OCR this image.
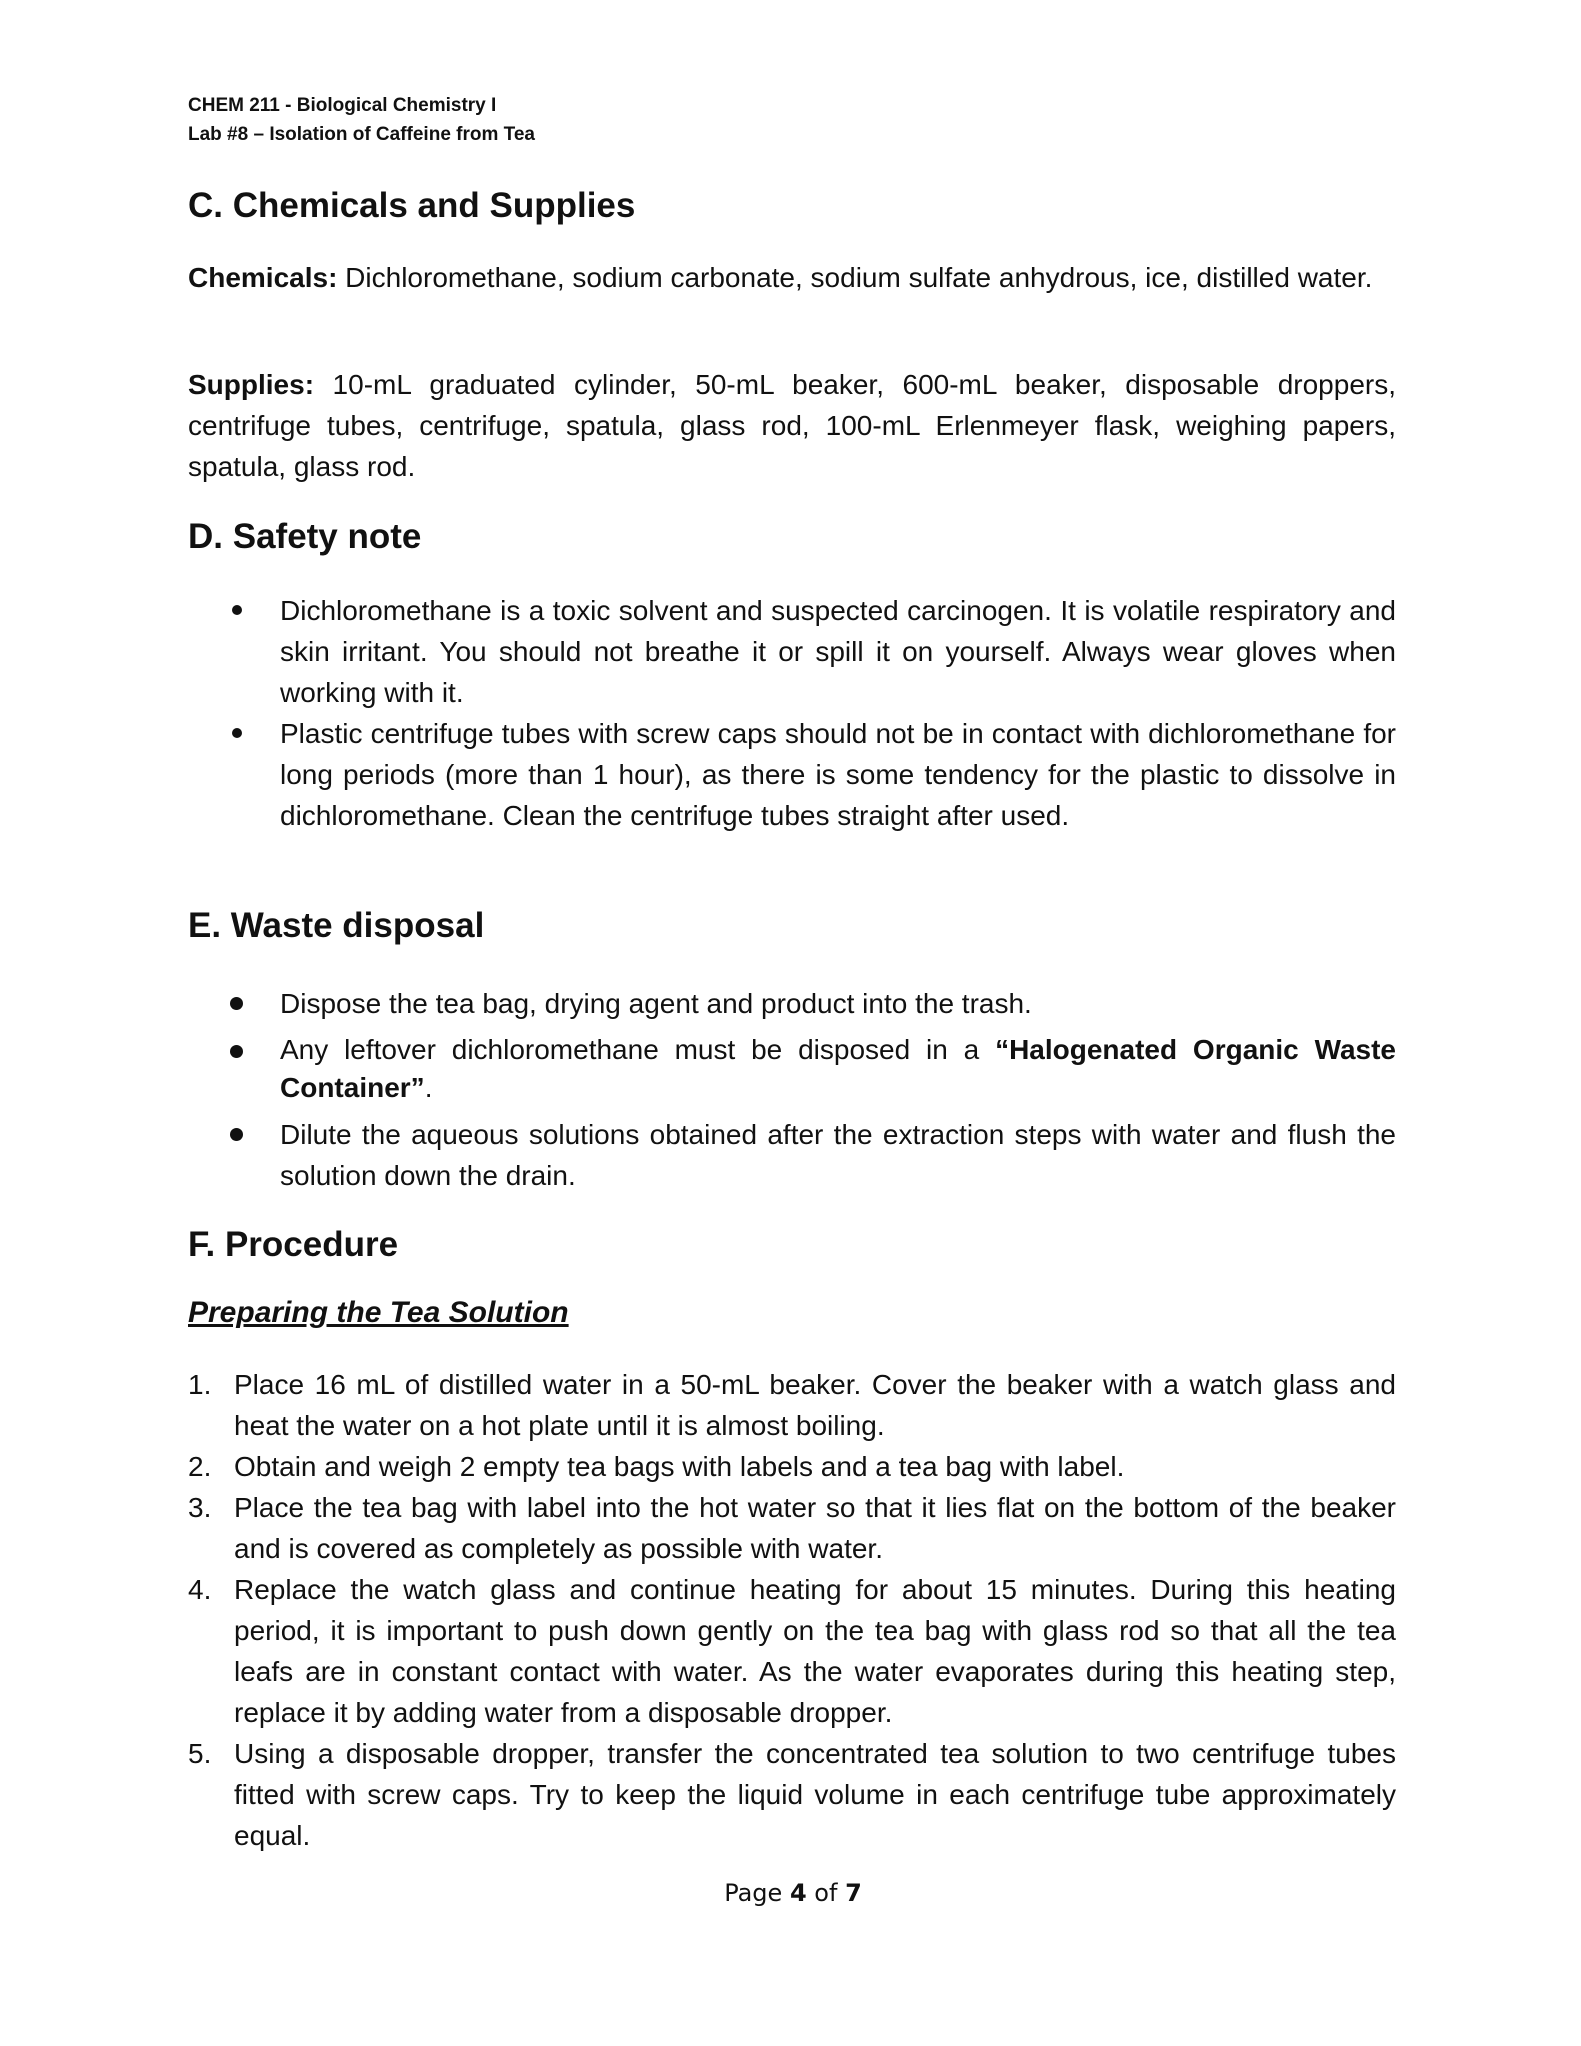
CHEM 211 - Biological Chemistry I
Lab #8 – Isolation of Caffeine from Tea
C. Chemicals and Supplies

Chemicals: Dichloromethane, sodium carbonate, sodium sulfate anhydrous, ice, distilled water.

Supplies: 10-mL graduated cylinder, 50-mL beaker, 600-mL beaker, disposable droppers, centrifuge tubes, centrifuge, spatula, glass rod, 100-mL Erlenmeyer flask, weighing papers, spatula, glass rod.

D. Safety note
Dichloromethane is a toxic solvent and suspected carcinogen. It is volatile respiratory and skin irritant. You should not breathe it or spill it on yourself. Always wear gloves when working with it.
Plastic centrifuge tubes with screw caps should not be in contact with dichloromethane for long periods (more than 1 hour), as there is some tendency for the plastic to dissolve in dichloromethane. Clean the centrifuge tubes straight after used.
E. Waste disposal
Dispose the tea bag, drying agent and product into the trash.
Any leftover dichloromethane must be disposed in a “Halogenated Organic Waste Container”.
Dilute the aqueous solutions obtained after the extraction steps with water and flush the solution down the drain.
F. Procedure
Preparing the Tea Solution
1. Place 16 mL of distilled water in a 50-mL beaker. Cover the beaker with a watch glass and heat the water on a hot plate until it is almost boiling.
2. Obtain and weigh 2 empty tea bags with labels and a tea bag with label.
3. Place the tea bag with label into the hot water so that it lies flat on the bottom of the beaker and is covered as completely as possible with water.
4. Replace the watch glass and continue heating for about 15 minutes. During this heating period, it is important to push down gently on the tea bag with glass rod so that all the tea leafs are in constant contact with water. As the water evaporates during this heating step, replace it by adding water from a disposable dropper.
5. Using a disposable dropper, transfer the concentrated tea solution to two centrifuge tubes fitted with screw caps. Try to keep the liquid volume in each centrifuge tube approximately equal.
Page 4 of 7
